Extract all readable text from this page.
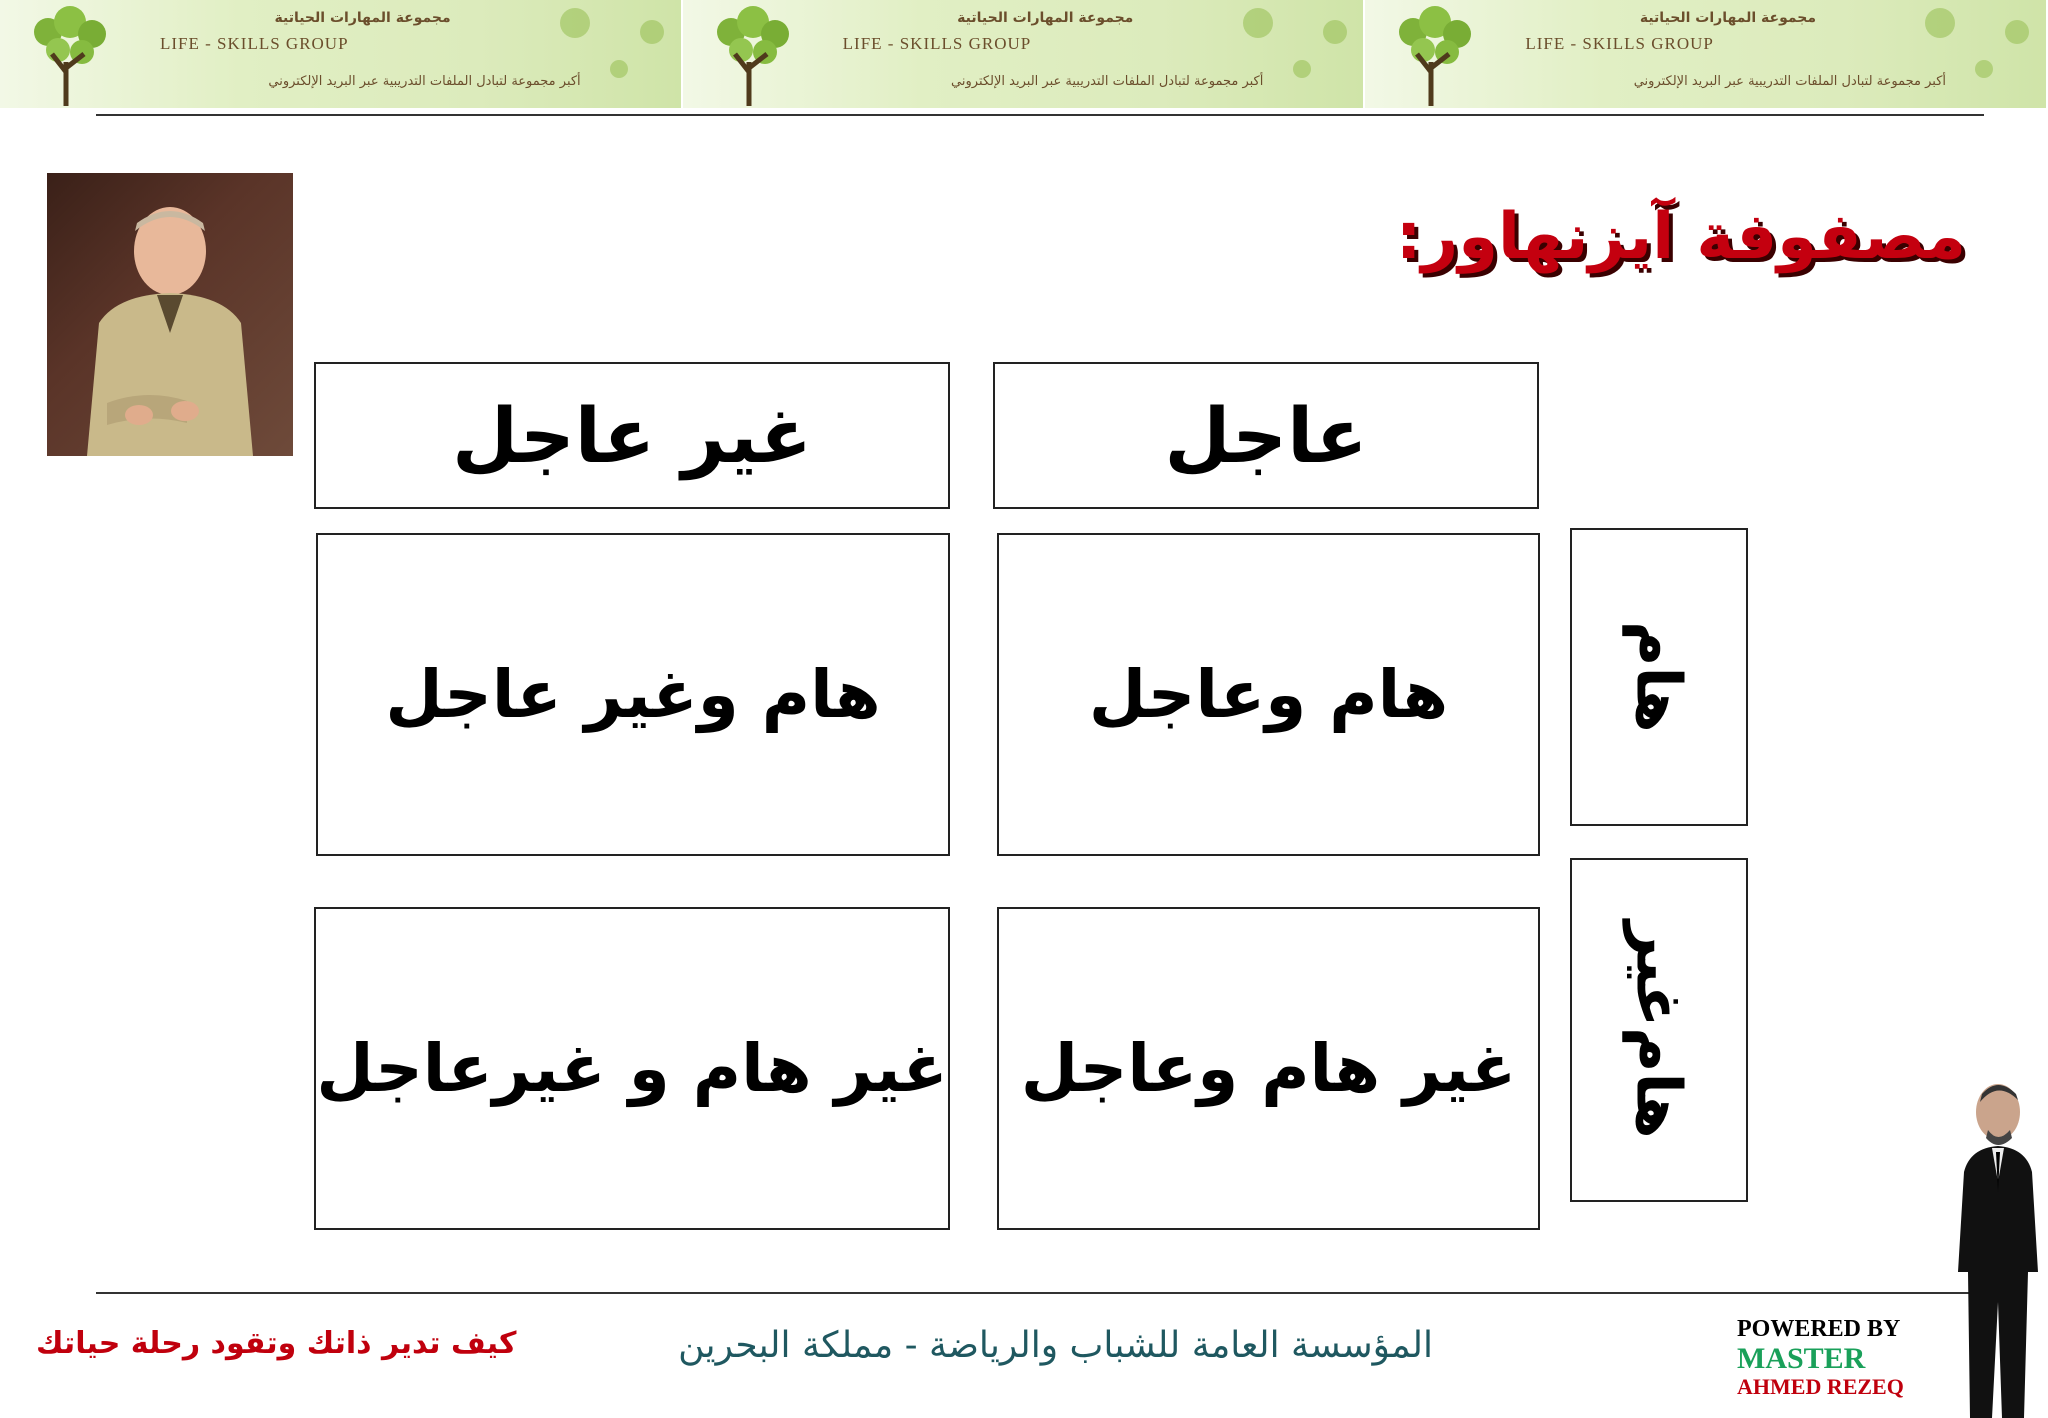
مجموعة المهارات الحياتية
LIFE - SKILLS GROUP
أكبر مجموعة لتبادل الملفات التدريبية عبر البريد الإلكتروني
مجموعة المهارات الحياتية
LIFE - SKILLS GROUP
أكبر مجموعة لتبادل الملفات التدريبية عبر البريد الإلكتروني
مجموعة المهارات الحياتية
LIFE - SKILLS GROUP
أكبر مجموعة لتبادل الملفات التدريبية عبر البريد الإلكتروني
مصفوفة آيزنهاور:
عاجل
غير عاجل
هام
غير
هام
هام وعاجل
هام وغير عاجل
غير هام وعاجل
غير هام و غيرعاجل
المؤسسة العامة للشباب والرياضة - مملكة البحرين
كيف تدير ذاتك وتقود رحلة حياتك	POWERED BY
MASTER
AHMED REZEQ
